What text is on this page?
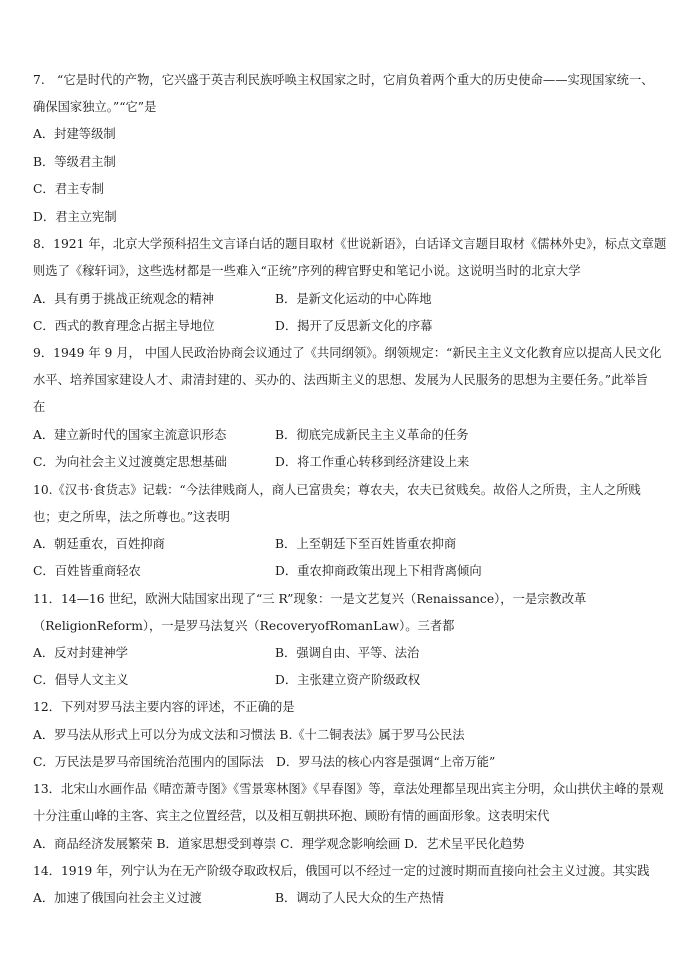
7.　“它是时代的产物，它兴盛于英吉利民族呼唤主权国家之时，它肩负着两个重大的历史使命——实现国家统一、
确保国家独立。”“它”是
A．封建等级制
B．等级君主制
C．君主专制
D．君主立宪制
8．1921 年，北京大学预科招生文言译白话的题目取材《世说新语》，白话译文言题目取材《儒林外史》，标点文章题
则选了《稼轩词》，这些选材都是一些难入“正统”序列的稗官野史和笔记小说。这说明当时的北京大学
A．具有勇于挑战正统观念的精神	B．是新文化运动的中心阵地
C．西式的教育理念占据主导地位	D．揭开了反思新文化的序幕
9．1949 年 9 月， 中国人民政治协商会议通过了《共同纲领》。纲领规定：“新民主主义文化教育应以提高人民文化
水平、培养国家建设人才、肃清封建的、买办的、法西斯主义的思想、发展为人民服务的思想为主要任务。”此举旨
在
A．建立新时代的国家主流意识形态	B．彻底完成新民主主义革命的任务
C．为向社会主义过渡奠定思想基础	D．将工作重心转移到经济建设上来
10.《汉书·食货志》记载：“今法律贱商人，商人已富贵矣；尊农夫，农夫已贫贱矣。故俗人之所贵，主人之所贱
也；吏之所卑，法之所尊也。”这表明
A．朝廷重农，百姓抑商	B．上至朝廷下至百姓皆重农抑商
C．百姓皆重商轻农	D．重农抑商政策出现上下相背离倾向
11．14—16 世纪，欧洲大陆国家出现了“三 R”现象：一是文艺复兴（Renaissance），一是宗教改革
（ReligionReform），一是罗马法复兴（RecoveryofRomanLaw）。三者都
A．反对封建神学	B．强调自由、平等、法治
C．倡导人文主义	D．主张建立资产阶级政权
12．下列对罗马法主要内容的评述，不正确的是
A．罗马法从形式上可以分为成文法和习惯法 B.《十二铜表法》属于罗马公民法
C．万民法是罗马帝国统治范围内的国际法　D．罗马法的核心内容是强调“上帝万能”
13．北宋山水画作品《晴峦萧寺图》《雪景寒林图》《早春图》等，章法处理都呈现出宾主分明，众山拱伏主峰的景观
十分注重山峰的主客、宾主之位置经营，以及相互朝拱环抱、顾盼有情的画面形象。这表明宋代
A．商品经济发展繁荣 B．道家思想受到尊崇 C．理学观念影响绘画 D．艺术呈平民化趋势
14．1919 年，列宁认为在无产阶级夺取政权后，俄国可以不经过一定的过渡时期而直接向社会主义过渡。其实践
A．加速了俄国向社会主义过渡	B．调动了人民大众的生产热情
